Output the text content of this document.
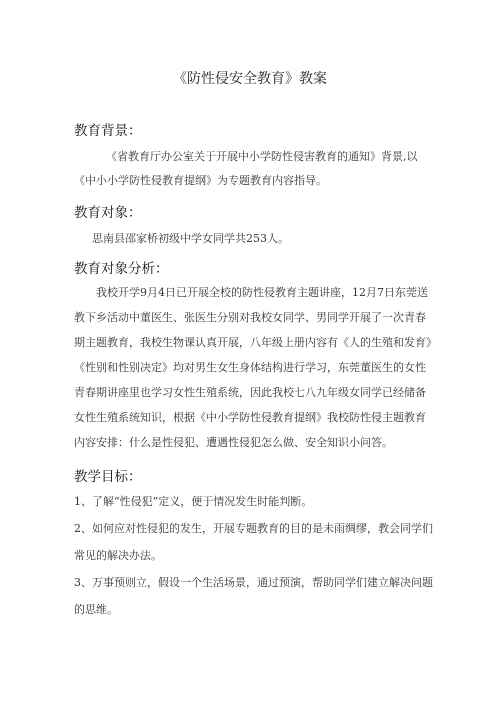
《防性侵安全教育》教案
教育背景：
《省教育厅办公室关于开展中小学防性侵害教育的通知》背景,以
《中小小学防性侵教育提纲》为专题教育内容指导。
教育对象：
思南县邵家桥初级中学女同学共253人。
教育对象分析：
我校开学9月4日已开展全校的防性侵教育主题讲座，12月7日东莞送
教下乡活动中董医生、张医生分别对我校女同学、男同学开展了一次青春
期主题教育，我校生物课认真开展，八年级上册内容有《人的生殖和发育》
《性别和性别决定》均对男生女生身体结构进行学习，东莞董医生的女性
青春期讲座里也学习女性生殖系统，因此我校七八九年级女同学已经储备
女性生殖系统知识，根据《中小学防性侵教育提纲》我校防性侵主题教育
内容安排：什么是性侵犯、遭遇性侵犯怎么做、安全知识小问答。
教学目标：
1、了解“性侵犯”定义，便于情况发生时能判断。
2、如何应对性侵犯的发生，开展专题教育的目的是未雨绸缪，教会同学们
常见的解决办法。
3、万事预则立，假设一个生活场景，通过预演，帮助同学们建立解决问题
的思维。
